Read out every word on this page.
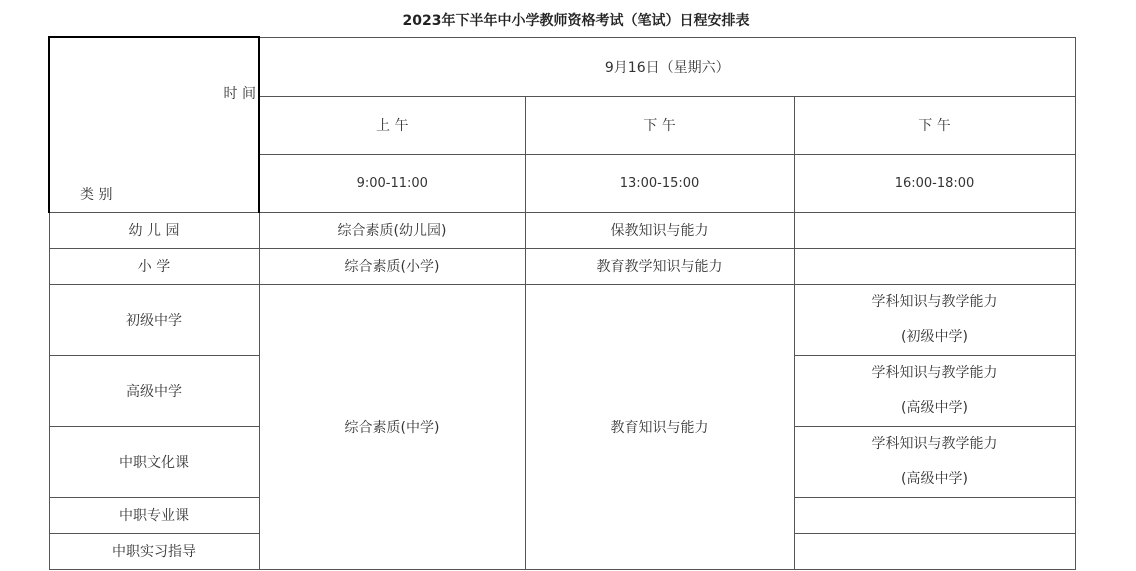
2023年下半年中小学教师资格考试（笔试）日程安排表
时 间
类 别	9月16日（星期六）		
	上 午	下 午	下 午
	9:00-11:00	13:00-15:00	16:00-18:00
幼 儿 园	综合素质(幼儿园)	保教知识与能力	
小 学	综合素质(小学)	教育教学知识与能力	
初级中学	综合素质(中学)	教育知识与能力	学科知识与教学能力
(初级中学)

高级中学			学科知识与教学能力
(高级中学)

中职文化课			学科知识与教学能力
(高级中学)

中职专业课			
中职实习指导			
